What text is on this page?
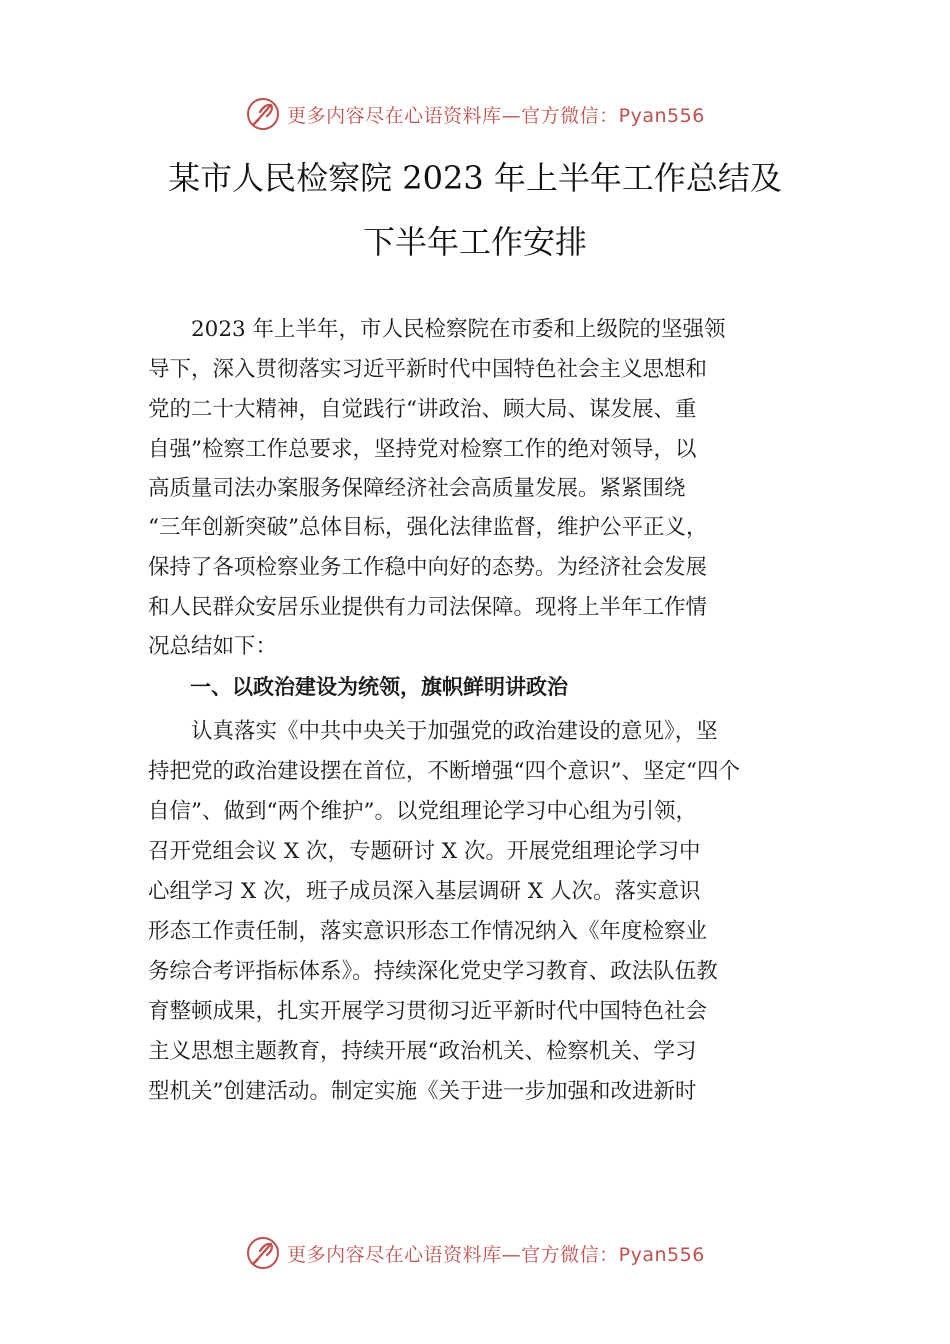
更多内容尽在心语资料库—官方微信：Pyan556
某市人民检察院 2023 年上半年工作总结及
下半年工作安排
　　2023 年上半年，市人民检察院在市委和上级院的坚强领
导下，深入贯彻落实习近平新时代中国特色社会主义思想和
党的二十大精神，自觉践行“讲政治、顾大局、谋发展、重
自强”检察工作总要求，坚持党对检察工作的绝对领导，以
高质量司法办案服务保障经济社会高质量发展。紧紧围绕
“三年创新突破”总体目标，强化法律监督，维护公平正义，
保持了各项检察业务工作稳中向好的态势。为经济社会发展
和人民群众安居乐业提供有力司法保障。现将上半年工作情
况总结如下：
　　一、以政治建设为统领，旗帜鲜明讲政治
　　认真落实《中共中央关于加强党的政治建设的意见》，坚
持把党的政治建设摆在首位，不断增强“四个意识”、坚定“四个
自信”、做到“两个维护”。以党组理论学习中心组为引领，
召开党组会议 X 次，专题研讨 X 次。开展党组理论学习中
心组学习 X 次，班子成员深入基层调研 X 人次。落实意识
形态工作责任制，落实意识形态工作情况纳入《年度检察业
务综合考评指标体系》。持续深化党史学习教育、政法队伍教
育整顿成果，扎实开展学习贯彻习近平新时代中国特色社会
主义思想主题教育，持续开展“政治机关、检察机关、学习
型机关”创建活动。制定实施《关于进一步加强和改进新时
更多内容尽在心语资料库—官方微信：Pyan556
